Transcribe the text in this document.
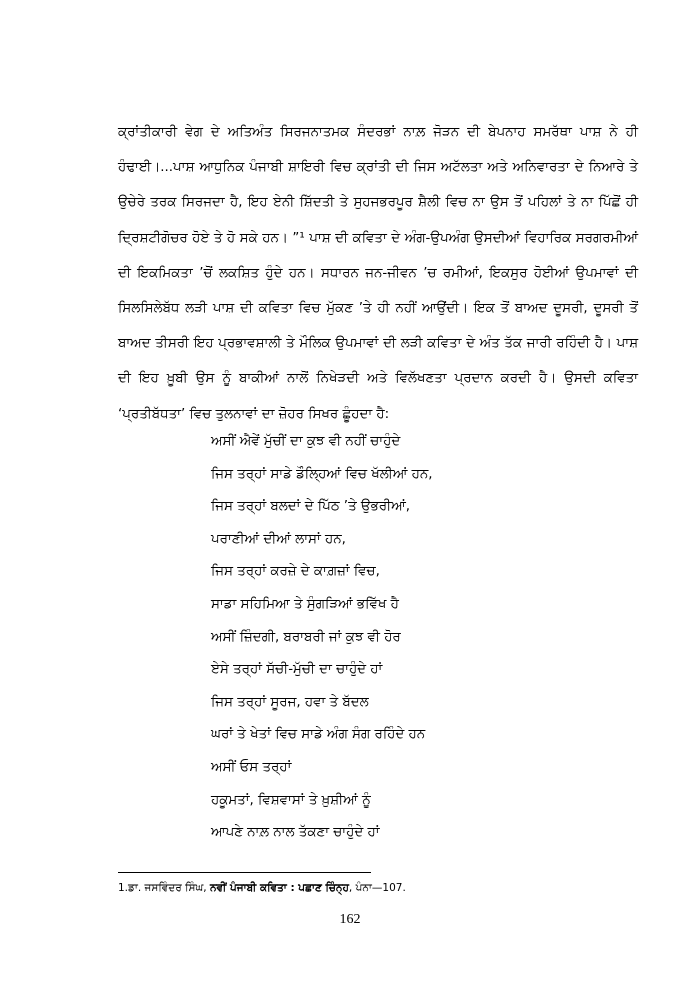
ਕ੍ਰਾਂਤੀਕਾਰੀ ਵੇਗ ਦੇ ਅਤਿਅੰਤ ਸਿਰਜਨਾਤਮਕ ਸੰਦਰਭਾਂ ਨਾਲ਼ ਜੋੜਨ ਦੀ ਬੇਪਨਾਹ ਸਮਰੱਥਾ ਪਾਸ਼ ਨੇ ਹੀ ਹੰਢਾਈ।...ਪਾਸ਼ ਆਧੁਨਿਕ ਪੰਜਾਬੀ ਸ਼ਾਇਰੀ ਵਿਚ ਕ੍ਰਾਂਤੀ ਦੀ ਜਿਸ ਅਟੱਲਤਾ ਅਤੇ ਅਨਿਵਾਰਤਾ ਦੇ ਨਿਆਰੇ ਤੇ ਉਚੇਰੇ ਤਰਕ ਸਿਰਜਦਾ ਹੈ, ਇਹ ਏਨੀ ਸ਼ਿੱਦਤੀ ਤੇ ਸੁਹਜਭਰਪੂਰ ਸ਼ੈਲੀ ਵਿਚ ਨਾ ਉਸ ਤੋਂ ਪਹਿਲਾਂ ਤੇ ਨਾ ਪਿੱਛੋਂ ਹੀ ਦ੍ਰਿਸ਼ਟੀਗੋਚਰ ਹੋਏ ਤੇ ਹੋ ਸਕੇ ਹਨ। ”¹ ਪਾਸ਼ ਦੀ ਕਵਿਤਾ ਦੇ ਅੰਗ-ਉਪਅੰਗ ਉਸਦੀਆਂ ਵਿਹਾਰਿਕ ਸਰਗਰਮੀਆਂ ਦੀ ਇਕਮਿਕਤਾ ’ਚੋਂ ਲਕਸ਼ਿਤ ਹੁੰਦੇ ਹਨ। ਸਧਾਰਨ ਜਨ-ਜੀਵਨ ’ਚ ਰਮੀਆਂ, ਇਕਸੁਰ ਹੋਈਆਂ ਉਪਮਾਵਾਂ ਦੀ ਸਿਲਸਿਲੇਬੱਧ ਲੜੀ ਪਾਸ਼ ਦੀ ਕਵਿਤਾ ਵਿਚ ਮੁੱਕਣ ’ਤੇ ਹੀ ਨਹੀਂ ਆਉਂਦੀ। ਇਕ ਤੋਂ ਬਾਅਦ ਦੂਸਰੀ, ਦੂਸਰੀ ਤੋਂ ਬਾਅਦ ਤੀਸਰੀ ਇਹ ਪ੍ਰਭਾਵਸ਼ਾਲੀ ਤੇ ਮੌਲਿਕ ਉਪਮਾਵਾਂ ਦੀ ਲੜੀ ਕਵਿਤਾ ਦੇ ਅੰਤ ਤੱਕ ਜਾਰੀ ਰਹਿੰਦੀ ਹੈ। ਪਾਸ਼ ਦੀ ਇਹ ਖ਼ੂਬੀ ਉਸ ਨੂੰ ਬਾਕੀਆਂ ਨਾਲੋਂ ਨਿਖੇੜਦੀ ਅਤੇ ਵਿਲੱਖਣਤਾ ਪ੍ਰਦਾਨ ਕਰਦੀ ਹੈ। ਉਸਦੀ ਕਵਿਤਾ ‘ਪ੍ਰਤੀਬੱਧਤਾ’ ਵਿਚ ਤੁਲਨਾਵਾਂ ਦਾ ਜ਼ੋਹਰ ਸਿਖਰ ਛੂੰਹਦਾ ਹੈ:

ਅਸੀਂ ਐਵੇਂ ਮੁੱਚੀਂ ਦਾ ਕੁਝ ਵੀ ਨਹੀਂ ਚਾਹੁੰਦੇ
ਜਿਸ ਤਰ੍ਹਾਂ ਸਾਡੇ ਡੌਲ੍ਹਿਆਂ ਵਿਚ ਖੱਲੀਆਂ ਹਨ,
ਜਿਸ ਤਰ੍ਹਾਂ ਬਲਦਾਂ ਦੇ ਪਿੱਠ ’ਤੇ ਉਭਰੀਆਂ,
ਪਰਾਣੀਆਂ ਦੀਆਂ ਲਾਸਾਂ ਹਨ,
ਜਿਸ ਤਰ੍ਹਾਂ ਕਰਜ਼ੇ ਦੇ ਕਾਗ਼ਜ਼ਾਂ ਵਿਚ,
ਸਾਡਾ ਸਹਿਮਿਆ ਤੇ ਸੁੰਗੜਿਆਂ ਭਵਿੱਖ ਹੈ
ਅਸੀਂ ਜ਼ਿੰਦਗੀ, ਬਰਾਬਰੀ ਜਾਂ ਕੁਝ ਵੀ ਹੋਰ
ਏਸੇ ਤਰ੍ਹਾਂ ਸੱਚੀ-ਮੁੱਚੀ ਦਾ ਚਾਹੁੰਦੇ ਹਾਂ
ਜਿਸ ਤਰ੍ਹਾਂ ਸੂਰਜ, ਹਵਾ ਤੇ ਬੱਦਲ
ਘਰਾਂ ਤੇ ਖੇਤਾਂ ਵਿਚ ਸਾਡੇ ਅੰਗ ਸੰਗ ਰਹਿੰਦੇ ਹਨ
ਅਸੀਂ ਓਸ ਤਰ੍ਹਾਂ
ਹਕੂਮਤਾਂ, ਵਿਸ਼ਵਾਸਾਂ ਤੇ ਖ਼ੁਸ਼ੀਆਂ ਨੂੰ
ਆਪਣੇ ਨਾਲ਼ ਨਾਲ ਤੱਕਣਾ ਚਾਹੁੰਦੇ ਹਾਂ
1.ਡਾ. ਜਸਵਿੰਦਰ ਸਿੰਘ, ਨਵੀਂ ਪੰਜਾਬੀ ਕਵਿਤਾ : ਪਛਾਣ ਚਿੰਨ੍ਹ, ਪੰਨਾ—107.
162
